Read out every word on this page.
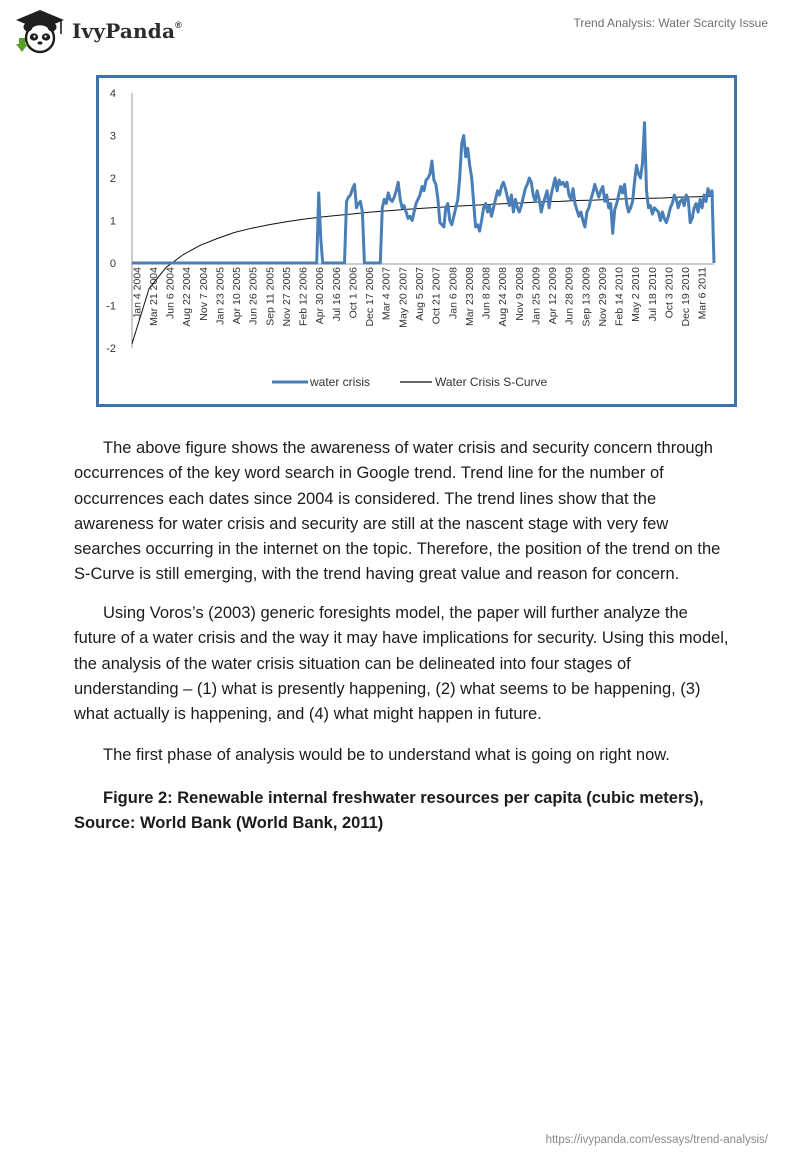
IvyPanda®	Trend Analysis: Water Scarcity Issue
4
3
2
1
0
-1
-2
Jan 4 2004 Mar 21 2004 Jun 6 2004 Aug 22 2004 Nov 7 2004 Jan 23 2005 Apr 10 2005 Jun 26 2005 Sep 11 2005 Nov 27 2005 Feb 12 2006 Apr 30 2006 Jul 16 2006 Oct 1 2006 Dec 17 2006 Mar 4 2007 May 20 2007 Aug 5 2007 Oct 21 2007 Jan 6 2008 Mar 23 2008 Jun 8 2008 Aug 24 2008 Nov 9 2008 Jan 25 2009 Apr 12 2009 Jun 28 2009 Sep 13 2009 Nov 29 2009 Feb 14 2010 May 2 2010 Jul 18 2010 Oct 3 2010 Dec 19 2010 Mar 6 2011
water crisis	Water Crisis S-Curve

The above figure shows the awareness of water crisis and security concern through occurrences of the key word search in Google trend. Trend line for the number of occurrences each dates since 2004 is considered. The trend lines show that the awareness for water crisis and security are still at the nascent stage with very few searches occurring in the internet on the topic. Therefore, the position of the trend on the S-Curve is still emerging, with the trend having great value and reason for concern.

Using Voros’s (2003) generic foresights model, the paper will further analyze the future of a water crisis and the way it may have implications for security. Using this model, the analysis of the water crisis situation can be delineated into four stages of understanding – (1) what is presently happening, (2) what seems to be happening, (3) what actually is happening, and (4) what might happen in future.

The first phase of analysis would be to understand what is going on right now.

Figure 2: Renewable internal freshwater resources per capita (cubic meters), Source: World Bank (World Bank, 2011)

https://ivypanda.com/essays/trend-analysis/
